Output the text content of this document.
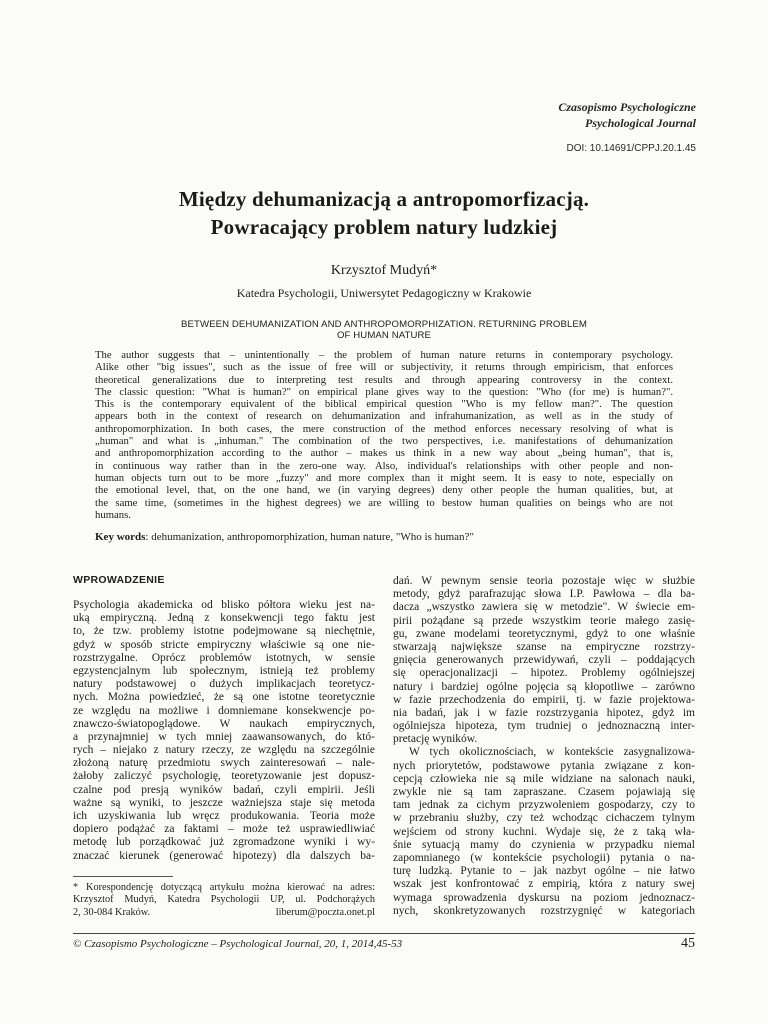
Czasopismo Psychologiczne
Psychological Journal
DOI: 10.14691/CPPJ.20.1.45
Między dehumanizacją a antropomorfizacją.
Powracający problem natury ludzkiej
Krzysztof Mudyń*
Katedra Psychologii, Uniwersytet Pedagogiczny w Krakowie
BETWEEN DEHUMANIZATION AND ANTHROPOMORPHIZATION. RETURNING PROBLEM
OF HUMAN NATURE
The author suggests that – unintentionally – the problem of human nature returns in contemporary psychology.
Alike other "big issues", such as the issue of free will or subjectivity, it returns through empiricism, that enforces
theoretical generalizations due to interpreting test results and through appearing controversy in the context.
The classic question: "What is human?" on empirical plane gives way to the question: "Who (for me) is human?".
This is the contemporary equivalent of the biblical empirical question "Who is my fellow man?". The question
appears both in the context of research on dehumanization and infrahumanization, as well as in the study of
anthropomorphization. In both cases, the mere construction of the method enforces necessary resolving of what is
„human" and what is „inhuman." The combination of the two perspectives, i.e. manifestations of dehumanization
and anthropomorphization according to the author – makes us think in a new way about „being human", that is,
in continuous way rather than in the zero-one way. Also, individual's relationships with other people and non-
human objects turn out to be more „fuzzy" and more complex than it might seem. It is easy to note, especially on
the emotional level, that, on the one hand, we (in varying degrees) deny other people the human qualities, but, at
the same time, (sometimes in the highest degrees) we are willing to bestow human qualities on beings who are not
humans.
Key words: dehumanization, anthropomorphization, human nature, "Who is human?"
WPROWADZENIE
Psychologia akademicka od blisko półtora wieku jest na-
uką empiryczną. Jedną z konsekwencji tego faktu jest
to, że tzw. problemy istotne podejmowane są niechętnie,
gdyż w sposób stricte empiryczny właściwie są one nie-
rozstrzygalne. Oprócz problemów istotnych, w sensie
egzystencjalnym lub społecznym, istnieją też problemy
natury podstawowej o dużych implikacjach teoretycz-
nych. Można powiedzieć, że są one istotne teoretycznie
ze względu na możliwe i domniemane konsekwencje po-
znawczo-światopoglądowe. W naukach empirycznych,
a przynajmniej w tych mniej zaawansowanych, do któ-
rych – niejako z natury rzeczy, ze względu na szczególnie
złożoną naturę przedmiotu swych zainteresowań – nale-
żałoby zaliczyć psychologię, teoretyzowanie jest dopusz-
czalne pod presją wyników badań, czyli empirii. Jeśli
ważne są wyniki, to jeszcze ważniejsza staje się metoda
ich uzyskiwania lub wręcz produkowania. Teoria może
dopiero podążać za faktami – może też usprawiedliwiać
metodę lub porządkować już zgromadzone wyniki i wy-
znaczać kierunek (generować hipotezy) dla dalszych ba-
dań. W pewnym sensie teoria pozostaje więc w służbie
metody, gdyż parafrazując słowa I.P. Pawłowa – dla ba-
dacza „wszystko zawiera się w metodzie". W świecie em-
pirii pożądane są przede wszystkim teorie małego zasię-
gu, zwane modelami teoretycznymi, gdyż to one właśnie
stwarzają największe szanse na empiryczne rozstrzy-
gnięcia generowanych przewidywań, czyli – poddających
się operacjonalizacji – hipotez. Problemy ogólniejszej
natury i bardziej ogólne pojęcia są kłopotliwe – zarówno
w fazie przechodzenia do empirii, tj. w fazie projektowa-
nia badań, jak i w fazie rozstrzygania hipotez, gdyż im
ogólniejsza hipoteza, tym trudniej o jednoznaczną inter-
pretację wyników.
W tych okolicznościach, w kontekście zasygnalizowa-
nych priorytetów, podstawowe pytania związane z kon-
cepcją człowieka nie są mile widziane na salonach nauki,
zwykle nie są tam zapraszane. Czasem pojawiają się
tam jednak za cichym przyzwoleniem gospodarzy, czy to
w przebraniu służby, czy też wchodząc cichaczem tylnym
wejściem od strony kuchni. Wydaje się, że z taką wła-
śnie sytuacją mamy do czynienia w przypadku niemal
zapomnianego (w kontekście psychologii) pytania o na-
turę ludzką. Pytanie to – jak nazbyt ogólne – nie łatwo
wszak jest konfrontować z empirią, która z natury swej
wymaga sprowadzenia dyskursu na poziom jednoznacz-
nych, skonkretyzowanych rozstrzygnięć w kategoriach
* Korespondencję dotyczącą artykułu można kierować na adres:
Krzysztof Mudyń, Katedra Psychologii UP, ul. Podchorążych
2, 30-084 Kraków.	liberum@poczta.onet.pl
© Czasopismo Psychologiczne – Psychological Journal, 20, 1, 2014,45-53	45
